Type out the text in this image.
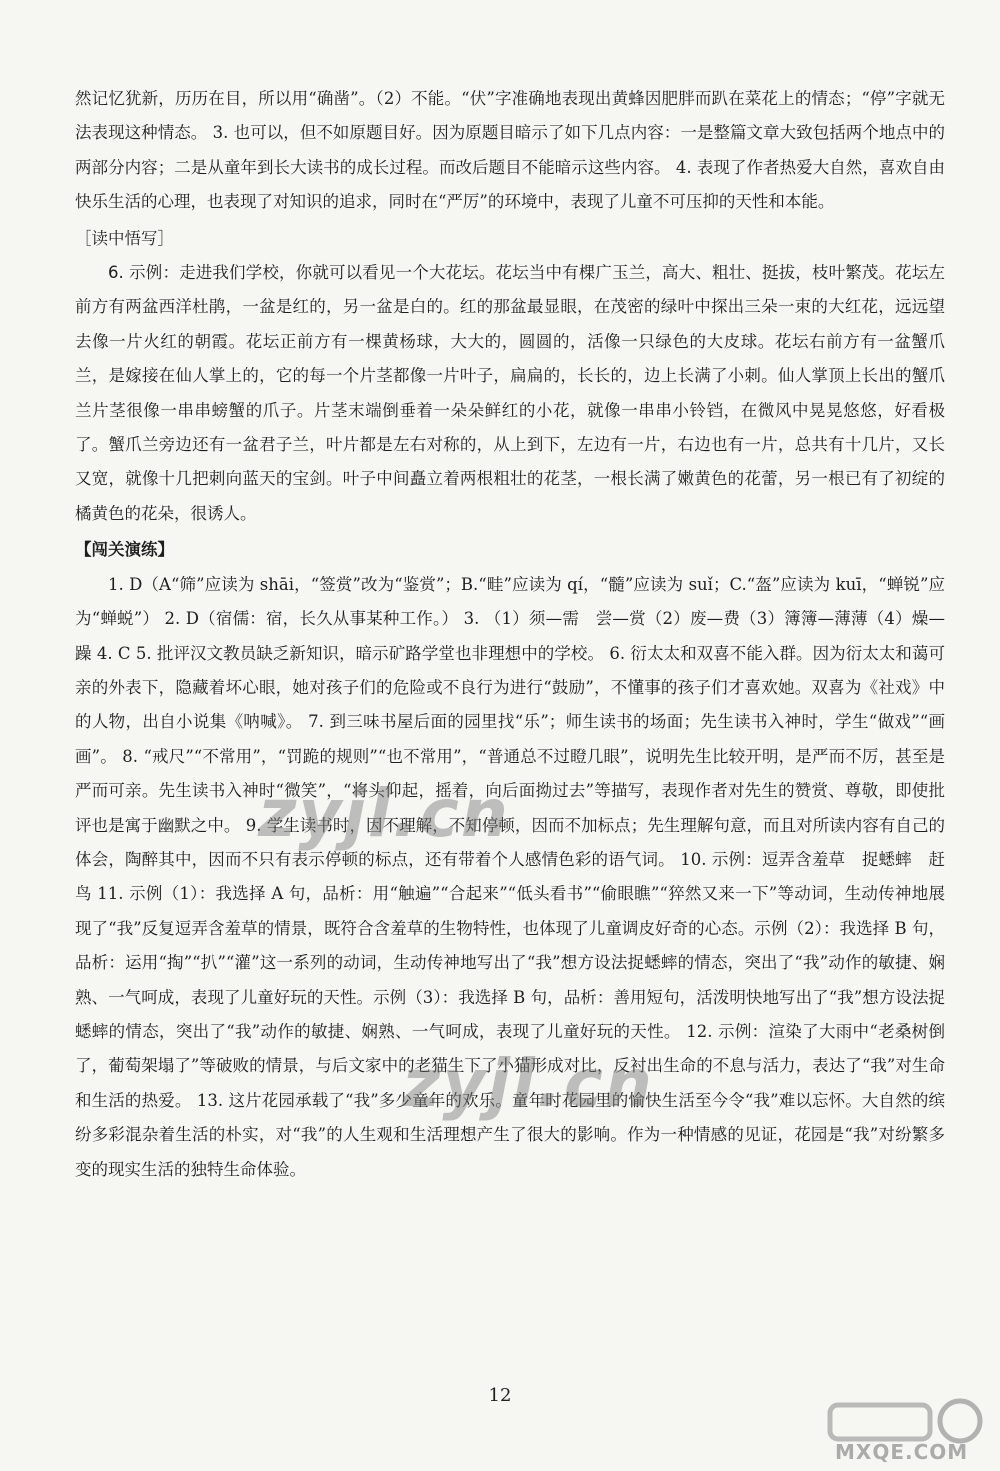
然记忆犹新，历历在目，所以用“确凿”。（2）不能。“伏”字准确地表现出黄蜂因肥胖而趴在菜花上的情态；“停”字就无法表现这种情态。 3. 也可以，但不如原题目好。因为原题目暗示了如下几点内容：一是整篇文章大致包括两个地点中的两部分内容；二是从童年到长大读书的成长过程。而改后题目不能暗示这些内容。 4. 表现了作者热爱大自然，喜欢自由快乐生活的心理，也表现了对知识的追求，同时在“严厉”的环境中，表现了儿童不可压抑的天性和本能。

［读中悟写］

6. 示例：走进我们学校，你就可以看见一个大花坛。花坛当中有棵广玉兰，高大、粗壮、挺拔，枝叶繁茂。花坛左前方有两盆西洋杜鹃，一盆是红的，另一盆是白的。红的那盆最显眼，在茂密的绿叶中探出三朵一束的大红花，远远望去像一片火红的朝霞。花坛正前方有一棵黄杨球，大大的，圆圆的，活像一只绿色的大皮球。花坛右前方有一盆蟹爪兰，是嫁接在仙人掌上的，它的每一个片茎都像一片叶子，扁扁的，长长的，边上长满了小刺。仙人掌顶上长出的蟹爪兰片茎很像一串串螃蟹的爪子。片茎末端倒垂着一朵朵鲜红的小花，就像一串串小铃铛，在微风中晃晃悠悠，好看极了。蟹爪兰旁边还有一盆君子兰，叶片都是左右对称的，从上到下，左边有一片，右边也有一片，总共有十几片，又长又宽，就像十几把刺向蓝天的宝剑。叶子中间矗立着两根粗壮的花茎，一根长满了嫩黄色的花蕾，另一根已有了初绽的橘黄色的花朵，很诱人。

【闯关演练】

1. D（A“筛”应读为 shāi，“签赏”改为“鉴赏”；B.“畦”应读为 qí，“髓”应读为 suǐ；C.“盔”应读为 kuī，“蝉锐”应为“蝉蜕”） 2. D（宿儒：宿，长久从事某种工作。） 3. （1）须—需　尝—赏（2）废—费（3）簿簿—薄薄（4）燥—躁 4. C 5. 批评汉文教员缺乏新知识，暗示矿路学堂也非理想中的学校。 6. 衍太太和双喜不能入群。因为衍太太和蔼可亲的外表下，隐藏着坏心眼，她对孩子们的危险或不良行为进行“鼓励”，不懂事的孩子们才喜欢她。双喜为《社戏》中的人物，出自小说集《呐喊》。 7. 到三味书屋后面的园里找“乐”；师生读书的场面；先生读书入神时，学生“做戏”“画画”。 8. “戒尺”“不常用”，“罚跪的规则”“也不常用”，“普通总不过瞪几眼”，说明先生比较开明，是严而不厉，甚至是严而可亲。先生读书入神时“微笑”，“将头仰起，摇着，向后面拗过去”等描写，表现作者对先生的赞赏、尊敬，即使批评也是寓于幽默之中。 9. 学生读书时，因不理解，不知停顿，因而不加标点；先生理解句意，而且对所读内容有自己的体会，陶醉其中，因而不只有表示停顿的标点，还有带着个人感情色彩的语气词。 10. 示例：逗弄含羞草　捉蟋蟀　赶鸟 11. 示例（1）：我选择 A 句，品析：用“触遍”“合起来”“低头看书”“偷眼瞧”“猝然又来一下”等动词，生动传神地展现了“我”反复逗弄含羞草的情景，既符合含羞草的生物特性，也体现了儿童调皮好奇的心态。示例（2）：我选择 B 句，品析：运用“掏”“扒”“灌”这一系列的动词，生动传神地写出了“我”想方设法捉蟋蟀的情态，突出了“我”动作的敏捷、娴熟、一气呵成，表现了儿童好玩的天性。示例（3）：我选择 B 句，品析：善用短句，活泼明快地写出了“我”想方设法捉蟋蟀的情态，突出了“我”动作的敏捷、娴熟、一气呵成，表现了儿童好玩的天性。 12. 示例：渲染了大雨中“老桑树倒了，葡萄架塌了”等破败的情景，与后文家中的老猫生下了小猫形成对比，反衬出生命的不息与活力，表达了“我”对生命和生活的热爱。 13. 这片花园承载了“我”多少童年的欢乐。童年时花园里的愉快生活至今令“我”难以忘怀。大自然的缤纷多彩混杂着生活的朴实，对“我”的人生观和生活理想产生了很大的影响。作为一种情感的见证，花园是“我”对纷繁多变的现实生活的独特生命体验。

zyjl.cn
zyjl.cn
12
MXQE.COM
